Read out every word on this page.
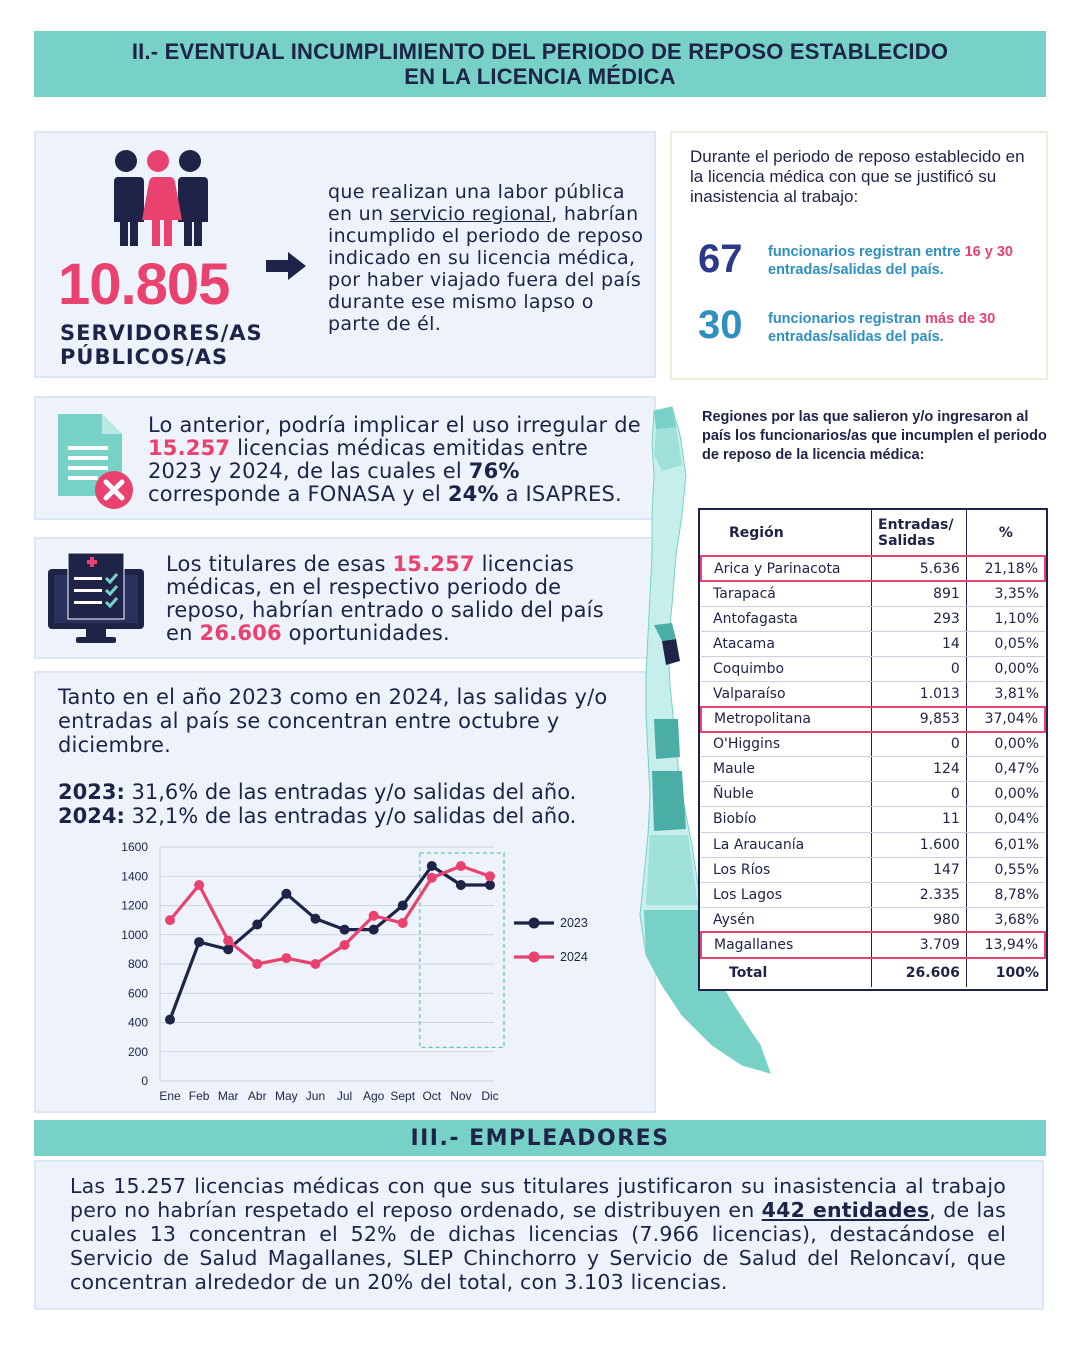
II.- EVENTUAL INCUMPLIMIENTO DEL PERIODO DE REPOSO ESTABLECIDO
EN LA LICENCIA MÉDICA
10.805
SERVIDORES/AS
PÚBLICOS/AS
que realizan una labor pública en un servicio regional, habrían incumplido el periodo de reposo indicado en su licencia médica, por haber viajado fuera del país durante ese mismo lapso o parte de él.
Durante el periodo de reposo establecido en la licencia médica con que se justificó su inasistencia al trabajo:
67 funcionarios registran entre 16 y 30
entradas/salidas del país.
30 funcionarios registran más de 30
entradas/salidas del país.
Lo anterior, podría implicar el uso irregular de 15.257 licencias médicas emitidas entre 2023 y 2024, de las cuales el 76% corresponde a FONASA y el 24% a ISAPRES.
Los titulares de esas 15.257 licencias médicas, en el respectivo periodo de reposo, habrían entrado o salido del país en 26.606 oportunidades.
Tanto en el año 2023 como en 2024, las salidas y/o entradas al país se concentran entre octubre y diciembre.
2023: 31,6% de las entradas y/o salidas del año.
2024: 32,1% de las entradas y/o salidas del año.
0
200
400
600
800
1000
1200
1400
1600
Ene Feb Mar Abr May Jun Jul Ago Sept Oct Nov Dic
2023
2024
Regiones por las que salieron y/o ingresaron al país los funcionarios/as que incumplen el periodo de reposo de la licencia médica:
Región	Entradas/ Salidas	%
Arica y Parinacota	5.636	21,18%
Tarapacá	891	3,35%
Antofagasta	293	1,10%
Atacama	14	0,05%
Coquimbo	0	0,00%
Valparaíso	1.013	3,81%
Metropolitana	9,853	37,04%
O'Higgins	0	0,00%
Maule	124	0,47%
Ñuble	0	0,00%
Biobío	11	0,04%
La Araucanía	1.600	6,01%
Los Ríos	147	0,55%
Los Lagos	2.335	8,78%
Aysén	980	3,68%
Magallanes	3.709	13,94%
Total	26.606	100%
III.- EMPLEADORES
Las 15.257 licencias médicas con que sus titulares justificaron su inasistencia al trabajo pero no habrían respetado el reposo ordenado, se distribuyen en 442 entidades, de las cuales 13 concentran el 52% de dichas licencias (7.966 licencias), destacándose el Servicio de Salud Magallanes, SLEP Chinchorro y Servicio de Salud del Reloncaví, que concentran alrededor de un 20% del total, con 3.103 licencias.
